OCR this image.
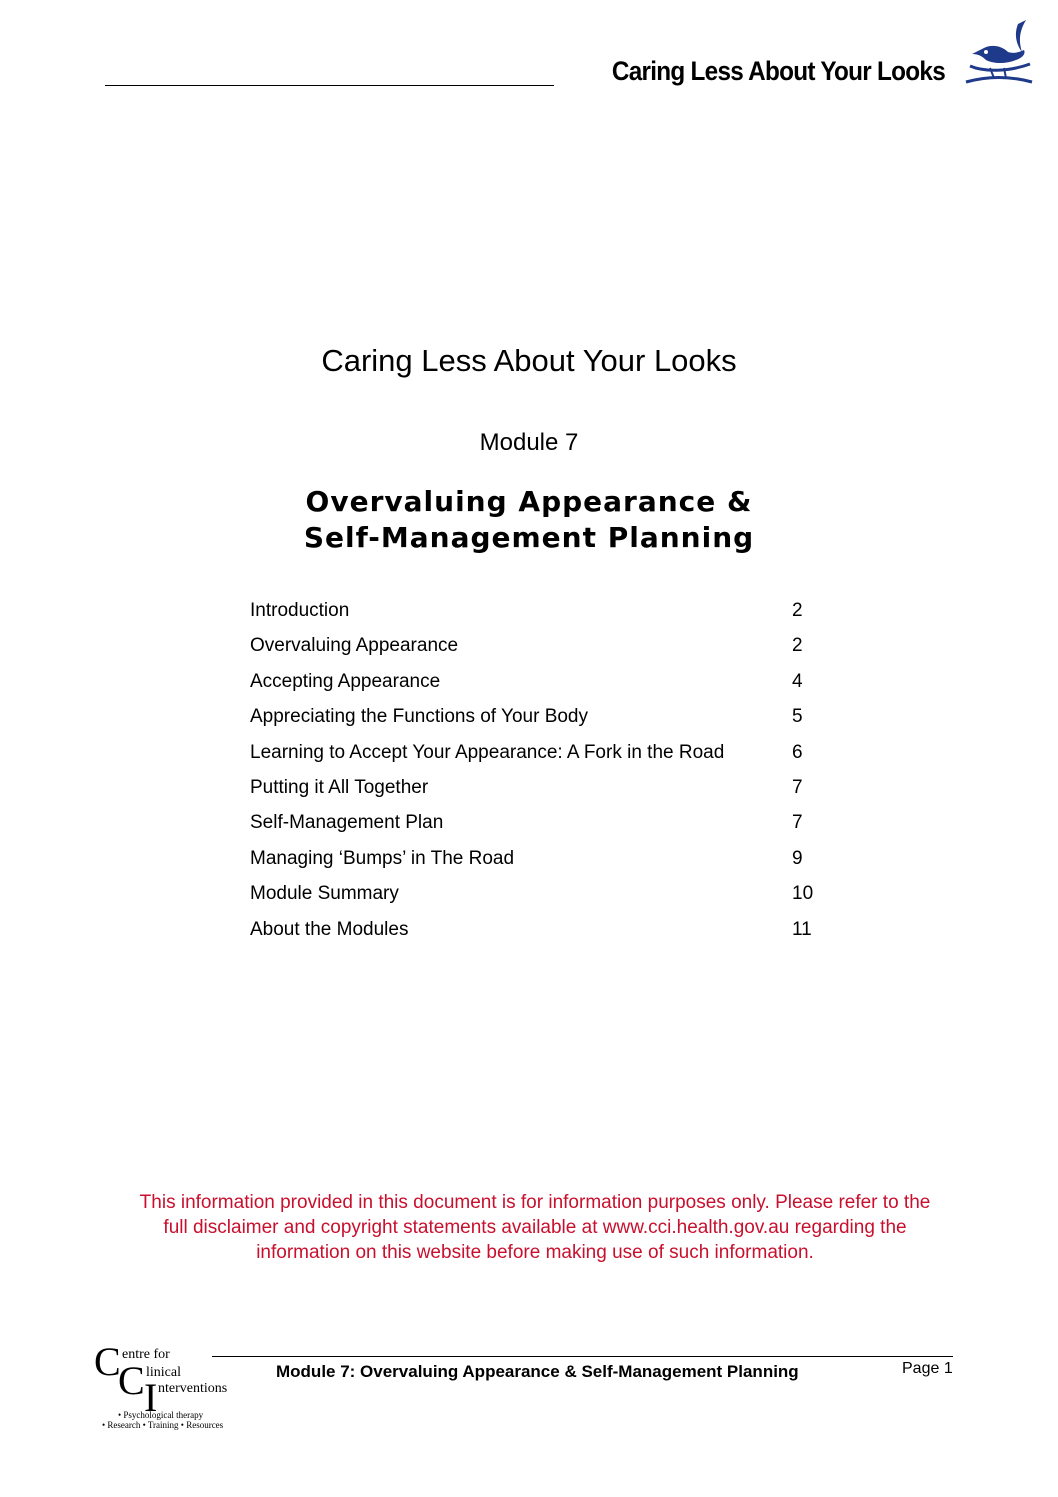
Caring Less About Your Looks
Caring Less About Your Looks
Module 7
Overvaluing Appearance &
Self-Management Planning
Introduction	2
Overvaluing Appearance	2
Accepting Appearance	4
Appreciating the Functions of Your Body	5
Learning to Accept Your Appearance: A Fork in the Road	6
Putting it All Together	7
Self-Management Plan	7
Managing ‘Bumps’ in The Road	9
Module Summary	10
About the Modules	11
This information provided in this document is for information purposes only. Please refer to the
full disclaimer and copyright statements available at www.cci.health.gov.au regarding the
information on this website before making use of such information.
C entre for
C linical
I nterventions
• Psychological therapy
• Research • Training • Resources
Module 7: Overvaluing Appearance & Self-Management Planning	Page 1
